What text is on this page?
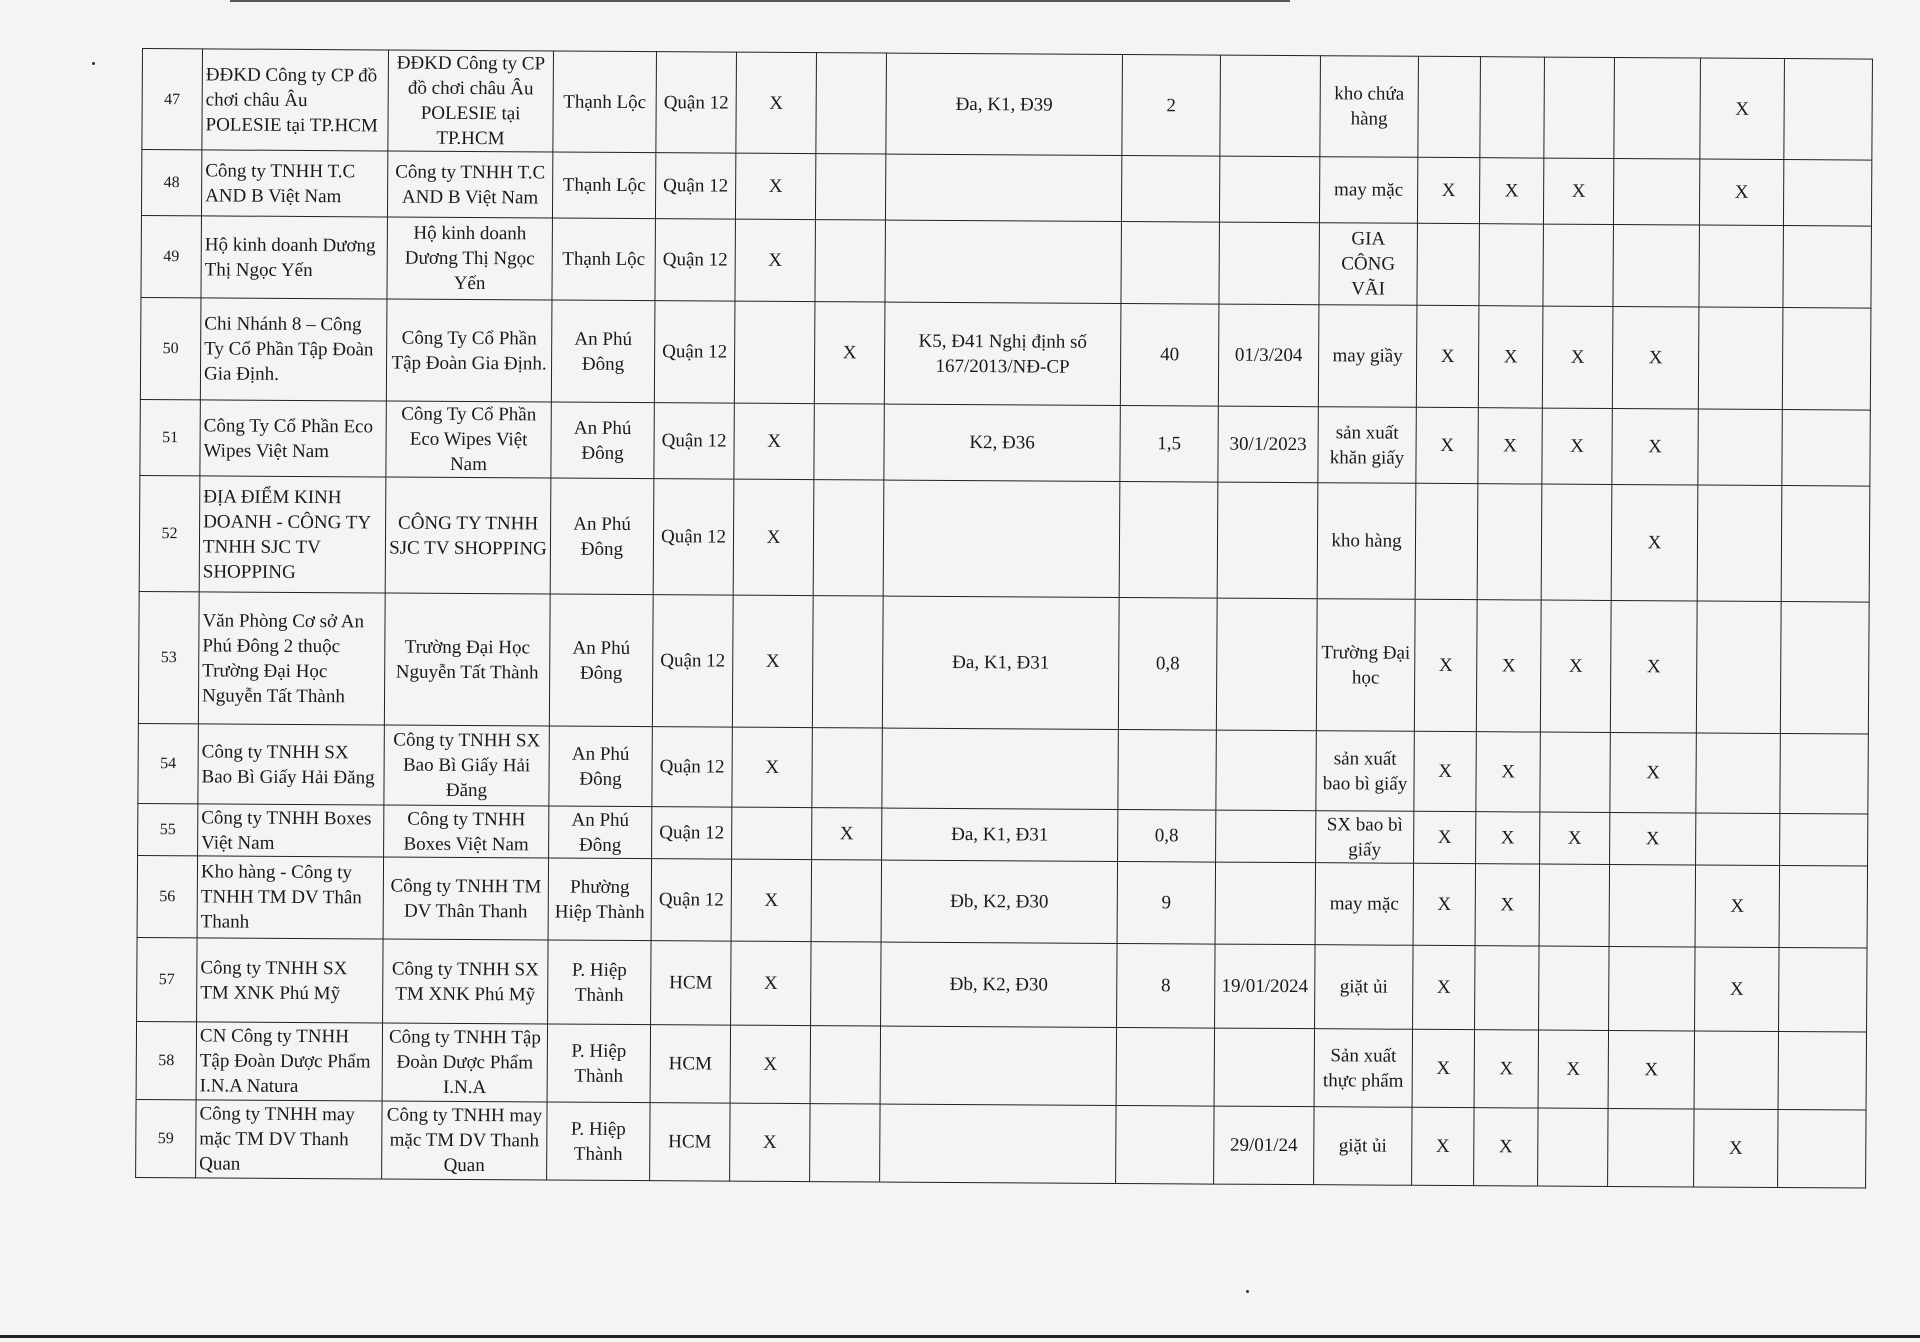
47	ĐĐKD Công ty CP đồ chơi châu Âu POLESIE tại TP.HCM	ĐĐKD Công ty CP đồ chơi châu Âu POLESIE tại TP.HCM	Thạnh Lộc	Quận 12	X		Đa, K1, Đ39	2		kho chứa hàng					X	
48	Công ty TNHH T.C AND B Việt Nam	Công ty TNHH T.C AND B Việt Nam	Thạnh Lộc	Quận 12	X					may mặc	X	X	X		X	
49	Hộ kinh doanh Dương Thị Ngọc Yến	Hộ kinh doanh Dương Thị Ngọc Yến	Thạnh Lộc	Quận 12	X					GIA CÔNG VÃI						
50	Chi Nhánh 8 – Công Ty Cổ Phần Tập Đoàn Gia Định.	Công Ty Cổ Phần Tập Đoàn Gia Định.	An Phú Đông	Quận 12		X	K5, Đ41 Nghị định số 167/2013/NĐ-CP	40	01/3/204	may giầy	X	X	X	X		
51	Công Ty Cổ Phần Eco Wipes Việt Nam	Công Ty Cổ Phần Eco Wipes Việt Nam	An Phú Đông	Quận 12	X		K2, Đ36	1,5	30/1/2023	sản xuất khăn giấy	X	X	X	X		
52	ĐỊA ĐIỂM KINH DOANH - CÔNG TY TNHH SJC TV SHOPPING	CÔNG TY TNHH SJC TV SHOPPING	An Phú Đông	Quận 12	X					kho hàng				X		
53	Văn Phòng Cơ sở An Phú Đông 2 thuộc Trường Đại Học Nguyễn Tất Thành	Trường Đại Học Nguyễn Tất Thành	An Phú Đông	Quận 12	X		Đa, K1, Đ31	0,8		Trường Đại học	X	X	X	X		
54	Công ty TNHH SX Bao Bì Giấy Hải Đăng	Công ty TNHH SX Bao Bì Giấy Hải Đăng	An Phú Đông	Quận 12	X					sản xuất bao bì giấy	X	X		X		
55	Công ty TNHH Boxes Việt Nam	Công ty TNHH Boxes Việt Nam	An Phú Đông	Quận 12		X	Đa, K1, Đ31	0,8		SX bao bì giấy	X	X	X	X		
56	Kho hàng - Công ty TNHH TM DV Thân Thanh	Công ty TNHH TM DV Thân Thanh	Phường Hiệp Thành	Quận 12	X		Đb, K2, Đ30	9		may mặc	X	X			X	
57	Công ty TNHH SX TM XNK Phú Mỹ	Công ty TNHH SX TM XNK Phú Mỹ	P. Hiệp Thành	HCM	X		Đb, K2, Đ30	8	19/01/2024	giặt ủi	X				X	
58	CN Công ty TNHH Tập Đoàn Dược Phẩm I.N.A Natura	Công ty TNHH Tập Đoàn Dược Phẩm I.N.A	P. Hiệp Thành	HCM	X					Sản xuất thực phẩm	X	X	X	X		
59	Công ty TNHH may mặc TM DV Thanh Quan	Công ty TNHH may mặc TM DV Thanh Quan	P. Hiệp Thành	HCM	X				29/01/24	giặt ủi	X	X			X	
